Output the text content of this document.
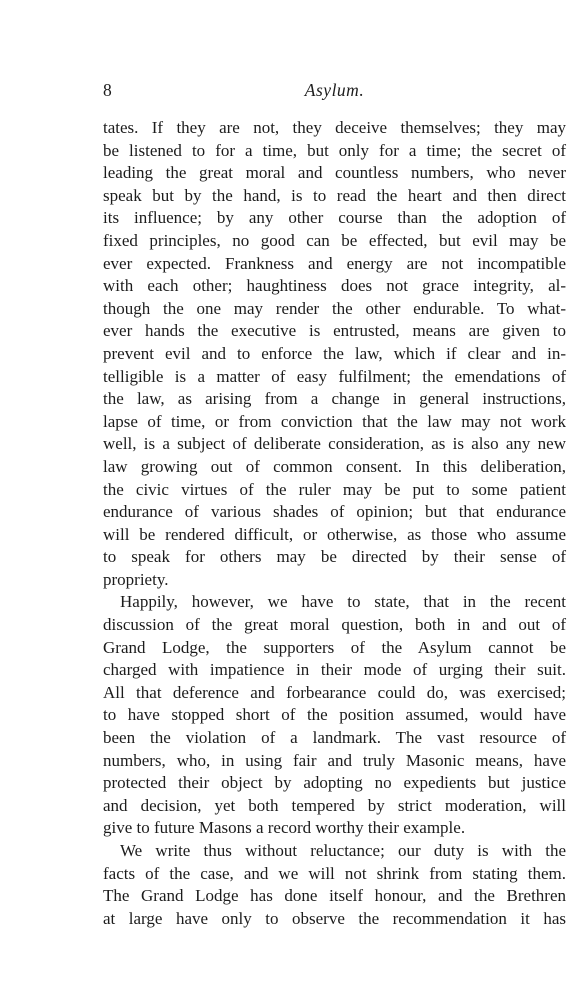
8	Asylum.
tates. If they are not, they deceive themselves; they may
be listened to for a time, but only for a time; the secret of
leading the great moral and countless numbers, who never
speak but by the hand, is to read the heart and then direct
its influence; by any other course than the adoption of
fixed principles, no good can be effected, but evil may be
ever expected. Frankness and energy are not incompatible
with each other; haughtiness does not grace integrity, al-
though the one may render the other endurable. To what-
ever hands the executive is entrusted, means are given to
prevent evil and to enforce the law, which if clear and in-
telligible is a matter of easy fulfilment; the emendations of
the law, as arising from a change in general instructions,
lapse of time, or from conviction that the law may not work
well, is a subject of deliberate consideration, as is also any new
law growing out of common consent. In this deliberation,
the civic virtues of the ruler may be put to some patient
endurance of various shades of opinion; but that endurance
will be rendered difficult, or otherwise, as those who assume
to speak for others may be directed by their sense of
propriety.
Happily, however, we have to state, that in the recent
discussion of the great moral question, both in and out of
Grand Lodge, the supporters of the Asylum cannot be
charged with impatience in their mode of urging their suit.
All that deference and forbearance could do, was exercised;
to have stopped short of the position assumed, would have
been the violation of a landmark. The vast resource of
numbers, who, in using fair and truly Masonic means, have
protected their object by adopting no expedients but justice
and decision, yet both tempered by strict moderation, will
give to future Masons a record worthy their example.
We write thus without reluctance; our duty is with the
facts of the case, and we will not shrink from stating them.
The Grand Lodge has done itself honour, and the Brethren
at large have only to observe the recommendation it has
